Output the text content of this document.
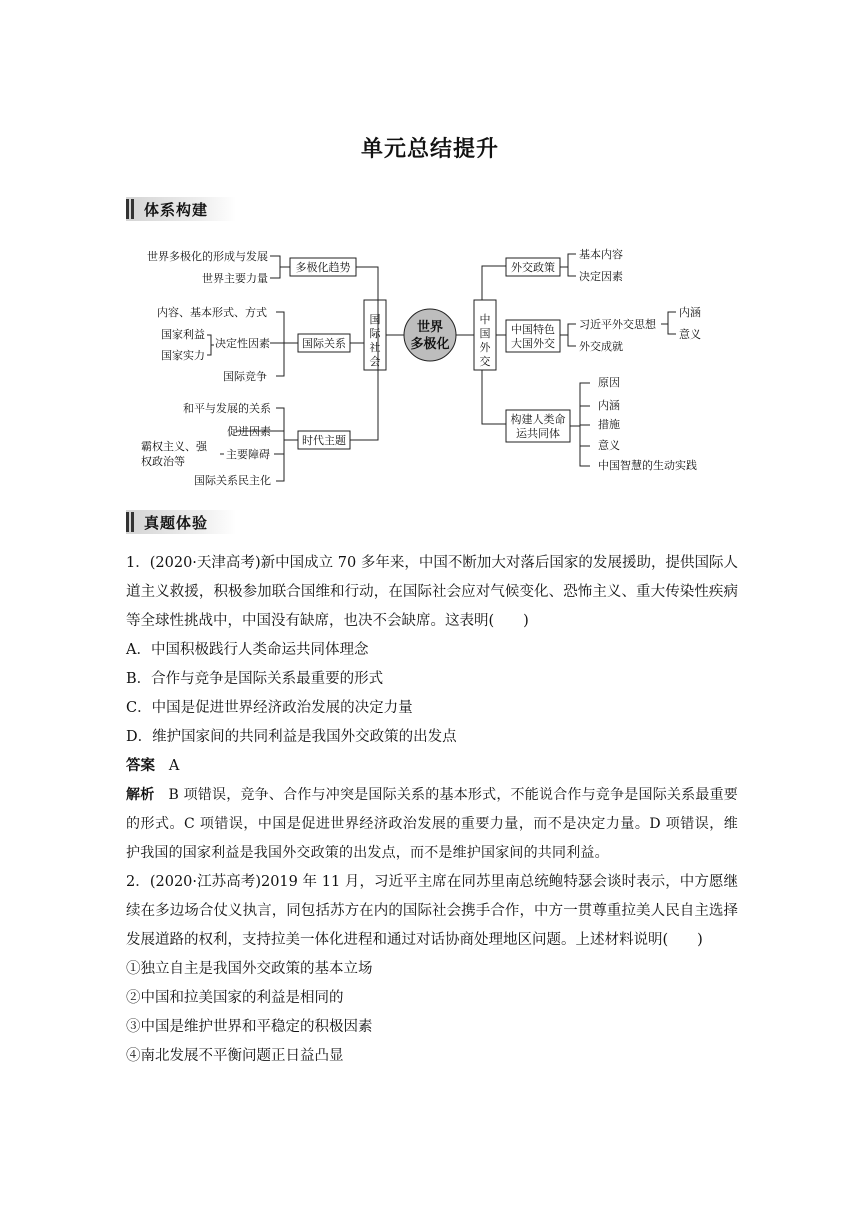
单元总结提升
体系构建
世界多极化的形成与发展
世界主要力量
多极化趋势
内容、基本形式、方式
国家利益
国家实力
决定性因素
国际竞争
国际关系
和平与发展的关系
促进因素
霸权主义、强
权政治等
主要障碍
国际关系民主化
时代主题
国际社会
世界
多极化
中国外交
外交政策
基本内容
决定因素
中国特色
大国外交
习近平外交思想
外交成就
内涵
意义
构建人类命
运共同体
原因
内涵
措施
意义
中国智慧的生动实践
真题体验

1．(2020·天津高考)新中国成立 70 多年来，中国不断加大对落后国家的发展援助，提供国际人道主义救援，积极参加联合国维和行动，在国际社会应对气候变化、恐怖主义、重大传染性疾病等全球性挑战中，中国没有缺席，也决不会缺席。这表明(　　)

A．中国积极践行人类命运共同体理念

B．合作与竞争是国际关系最重要的形式

C．中国是促进世界经济政治发展的决定力量

D．维护国家间的共同利益是我国外交政策的出发点

答案 A

解析 B 项错误，竞争、合作与冲突是国际关系的基本形式，不能说合作与竞争是国际关系最重要的形式。C 项错误，中国是促进世界经济政治发展的重要力量，而不是决定力量。D 项错误，维护我国的国家利益是我国外交政策的出发点，而不是维护国家间的共同利益。

2．(2020·江苏高考)2019 年 11 月，习近平主席在同苏里南总统鲍特瑟会谈时表示，中方愿继续在多边场合仗义执言，同包括苏方在内的国际社会携手合作，中方一贯尊重拉美人民自主选择发展道路的权利，支持拉美一体化进程和通过对话协商处理地区问题。上述材料说明(　　)

①独立自主是我国外交政策的基本立场

②中国和拉美国家的利益是相同的

③中国是维护世界和平稳定的积极因素

④南北发展不平衡问题正日益凸显
